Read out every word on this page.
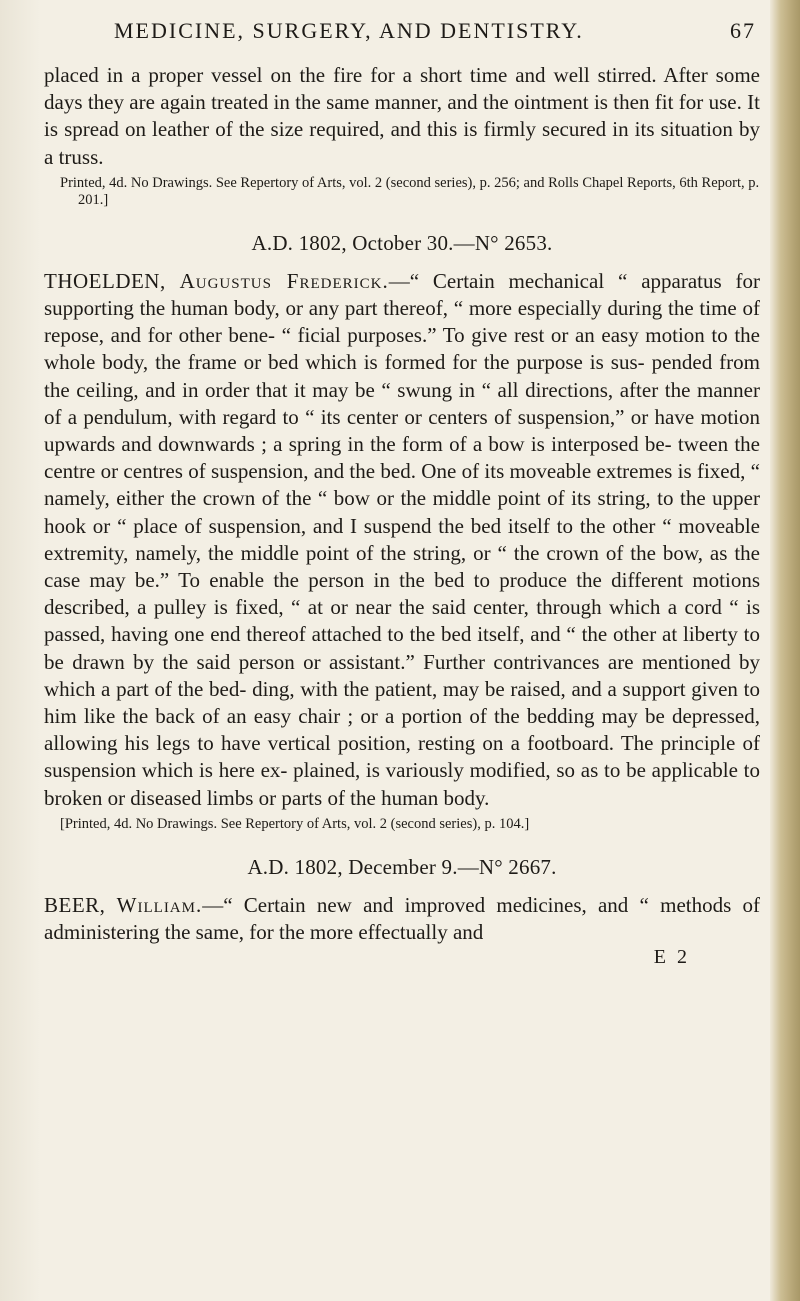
MEDICINE, SURGERY, AND DENTISTRY.	67

placed in a proper vessel on the fire for a short time and well stirred. After some days they are again treated in the same manner, and the ointment is then fit for use. It is spread on leather of the size required, and this is firmly secured in its situation by a truss.

Printed, 4d. No Drawings. See Repertory of Arts, vol. 2 (second series), p. 256; and Rolls Chapel Reports, 6th Report, p. 201.]

A.D. 1802, October 30.—N° 2653.

THOELDEN, Augustus Frederick.—“ Certain mechanical “ apparatus for supporting the human body, or any part thereof, “ more especially during the time of repose, and for other bene- “ ficial purposes.” To give rest or an easy motion to the whole body, the frame or bed which is formed for the purpose is sus- pended from the ceiling, and in order that it may be “ swung in “ all directions, after the manner of a pendulum, with regard to “ its center or centers of suspension,” or have motion upwards and downwards ; a spring in the form of a bow is interposed be- tween the centre or centres of suspension, and the bed. One of its moveable extremes is fixed, “ namely, either the crown of the “ bow or the middle point of its string, to the upper hook or “ place of suspension, and I suspend the bed itself to the other “ moveable extremity, namely, the middle point of the string, or “ the crown of the bow, as the case may be.” To enable the person in the bed to produce the different motions described, a pulley is fixed, “ at or near the said center, through which a cord “ is passed, having one end thereof attached to the bed itself, and “ the other at liberty to be drawn by the said person or assistant.” Further contrivances are mentioned by which a part of the bed- ding, with the patient, may be raised, and a support given to him like the back of an easy chair ; or a portion of the bedding may be depressed, allowing his legs to have vertical position, resting on a footboard. The principle of suspension which is here ex- plained, is variously modified, so as to be applicable to broken or diseased limbs or parts of the human body.

[Printed, 4d. No Drawings. See Repertory of Arts, vol. 2 (second series), p. 104.]

A.D. 1802, December 9.—N° 2667.

BEER, William.—“ Certain new and improved medicines, and “ methods of administering the same, for the more effectually and

E 2
